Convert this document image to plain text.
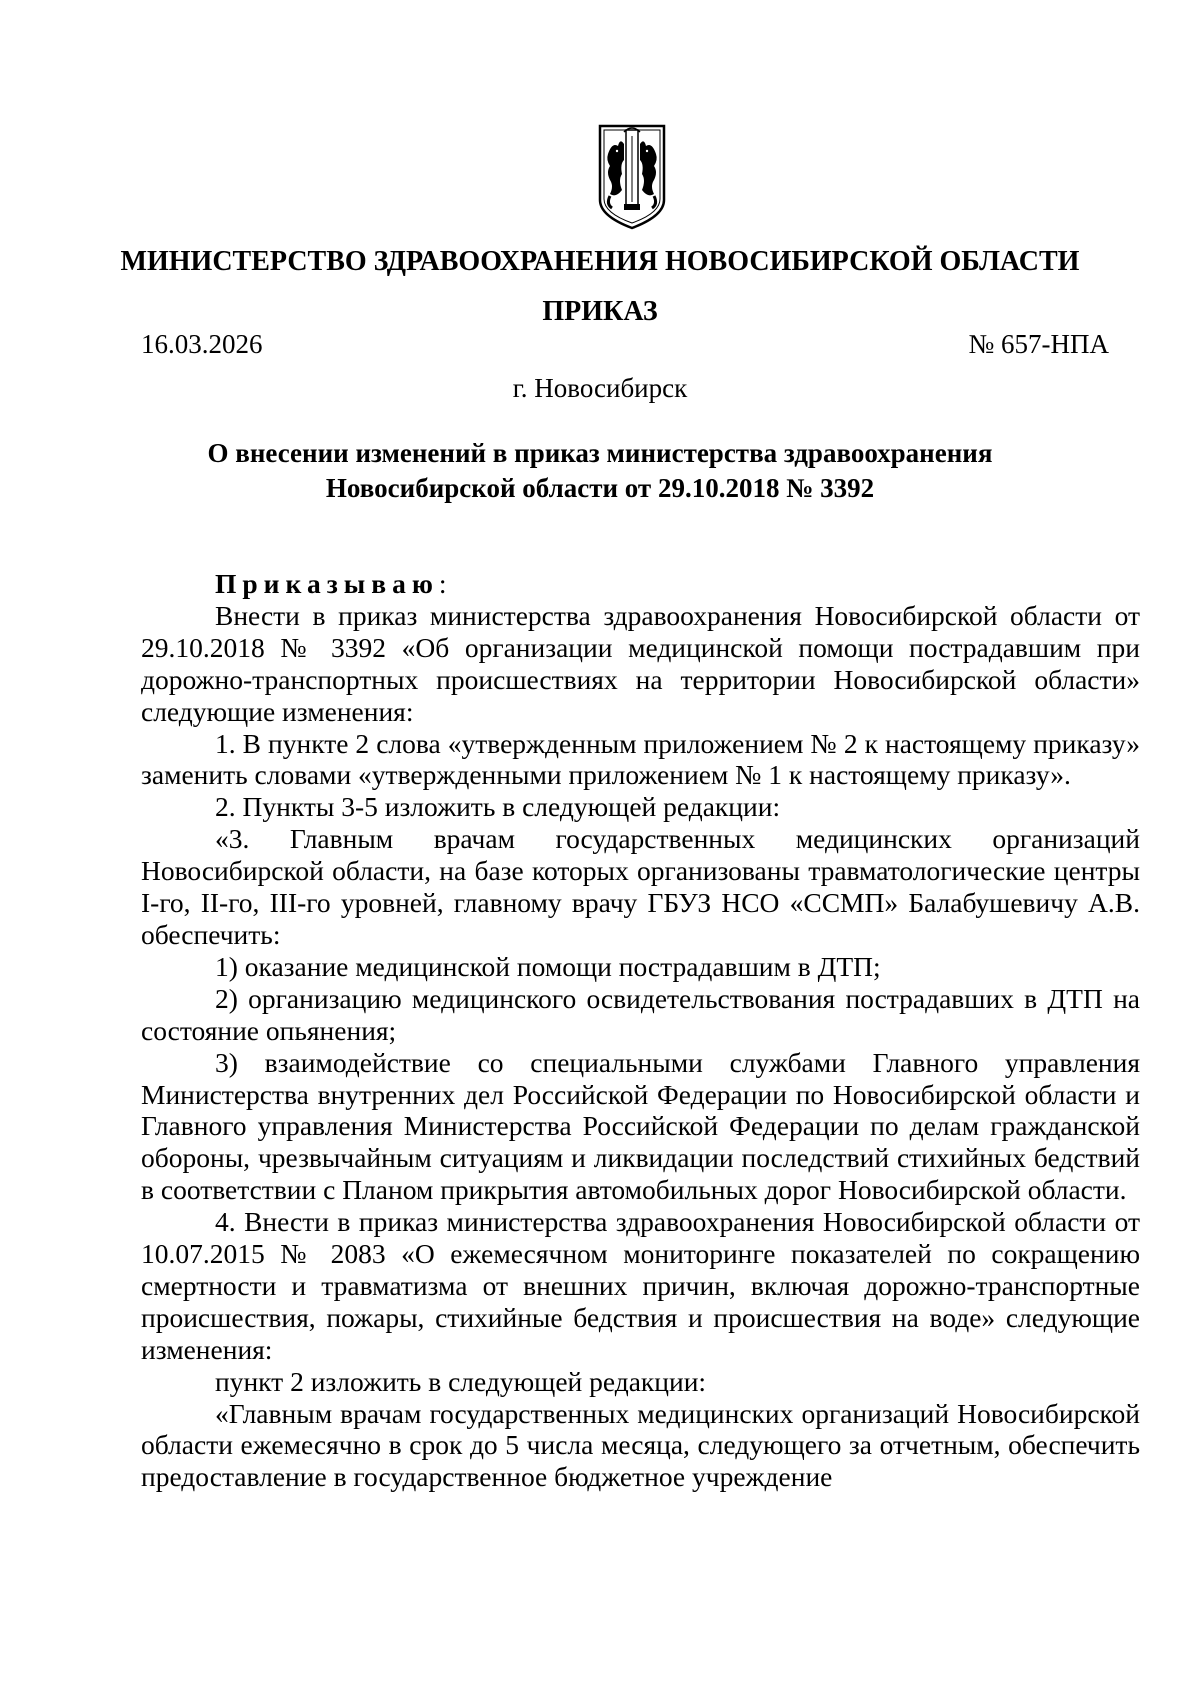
МИНИСТЕРСТВО ЗДРАВООХРАНЕНИЯ НОВОСИБИРСКОЙ ОБЛАСТИ
ПРИКАЗ
16.03.2026	№ 657-НПА
г. Новосибирск
О внесении изменений в приказ министерства здравоохранения
Новосибирской области от 29.10.2018 № 3392

Приказываю:

Внести в приказ министерства здравоохранения Новосибирской области от 29.10.2018 № 3392 «Об организации медицинской помощи пострадавшим при дорожно-транспортных происшествиях на территории Новосибирской области» следующие изменения:

1. В пункте 2 слова «утвержденным приложением № 2 к настоящему приказу» заменить словами «утвержденными приложением № 1 к настоящему приказу».

2. Пункты 3-5 изложить в следующей редакции:

«3. Главным врачам государственных медицинских организаций Новосибирской области, на базе которых организованы травматологические центры I-го, II-го, III-го уровней, главному врачу ГБУЗ НСО «ССМП» Балабушевичу А.В. обеспечить:

1) оказание медицинской помощи пострадавшим в ДТП;

2) организацию медицинского освидетельствования пострадавших в ДТП на состояние опьянения;

3) взаимодействие со специальными службами Главного управления Министерства внутренних дел Российской Федерации по Новосибирской области и Главного управления Министерства Российской Федерации по делам гражданской обороны, чрезвычайным ситуациям и ликвидации последствий стихийных бедствий в соответствии с Планом прикрытия автомобильных дорог Новосибирской области.

4. Внести в приказ министерства здравоохранения Новосибирской области от 10.07.2015 № 2083 «О ежемесячном мониторинге показателей по сокращению смертности и травматизма от внешних причин, включая дорожно-транспортные происшествия, пожары, стихийные бедствия и происшествия на воде» следующие изменения:

пункт 2 изложить в следующей редакции:

«Главным врачам государственных медицинских организаций Новосибирской области ежемесячно в срок до 5 числа месяца, следующего за отчетным, обеспечить предоставление в государственное бюджетное учреждение
